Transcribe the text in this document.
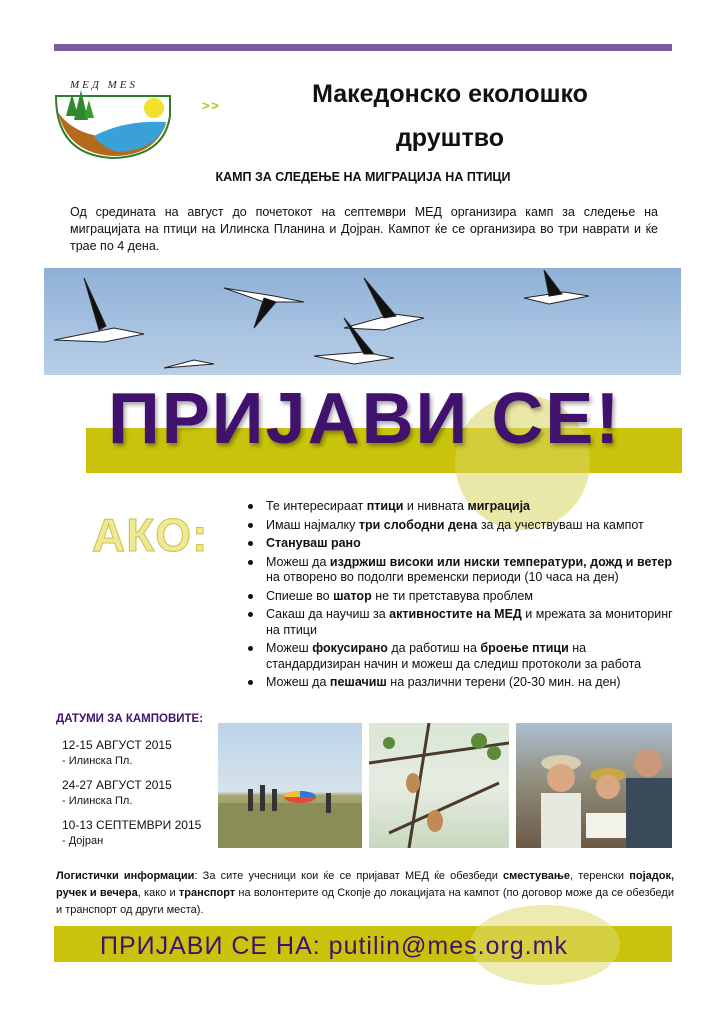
МЕД MES
> >	Македонско еколошко
друштво
КАМП ЗА СЛЕДЕЊЕ НА МИГРАЦИЈА НА ПТИЦИ
Од средината на август до почетокот на септември МЕД организира камп за следење на миграцијата на птици на Илинска Планина и Дојран. Кампот ќе се организира во три наврати и ќе трае по 4 дена.
ПРИЈАВИ СЕ!
АКО:
Те интересираат птици и нивната миграција
Имаш најмалку три слободни дена за да учествуваш на кампот
Стануваш рано
Можеш да издржиш високи или ниски температури, дожд и ветер на отворено во подолги временски периоди (10 часа на ден)
Спиеше во шатор не ти претставува проблем
Сакаш да научиш за активностите на МЕД и мрежата за мониторинг на птици
Можеш фокусирано да работиш на броење птици на стандардизиран начин и можеш да следиш протоколи за работа
Можеш да пешачиш на различни терени (20-30 мин. на ден)
ДАТУМИ ЗА КАМПОВИТЕ:
12-15 АВГУСТ 2015
- Илинска Пл.
24-27 АВГУСТ 2015
- Илинска Пл.
10-13 СЕПТЕМВРИ 2015
- Дојран
Логистички информации: За сите учесници кои ќе се пријават МЕД ќе обезбеди сместување, теренски појадок, ручек и вечера, како и транспорт на волонтерите од Скопје до локацијата на кампот (по договор може да се обезбеди и транспорт од други места).
ПРИЈАВИ СЕ НА: putilin@mes.org.mk
